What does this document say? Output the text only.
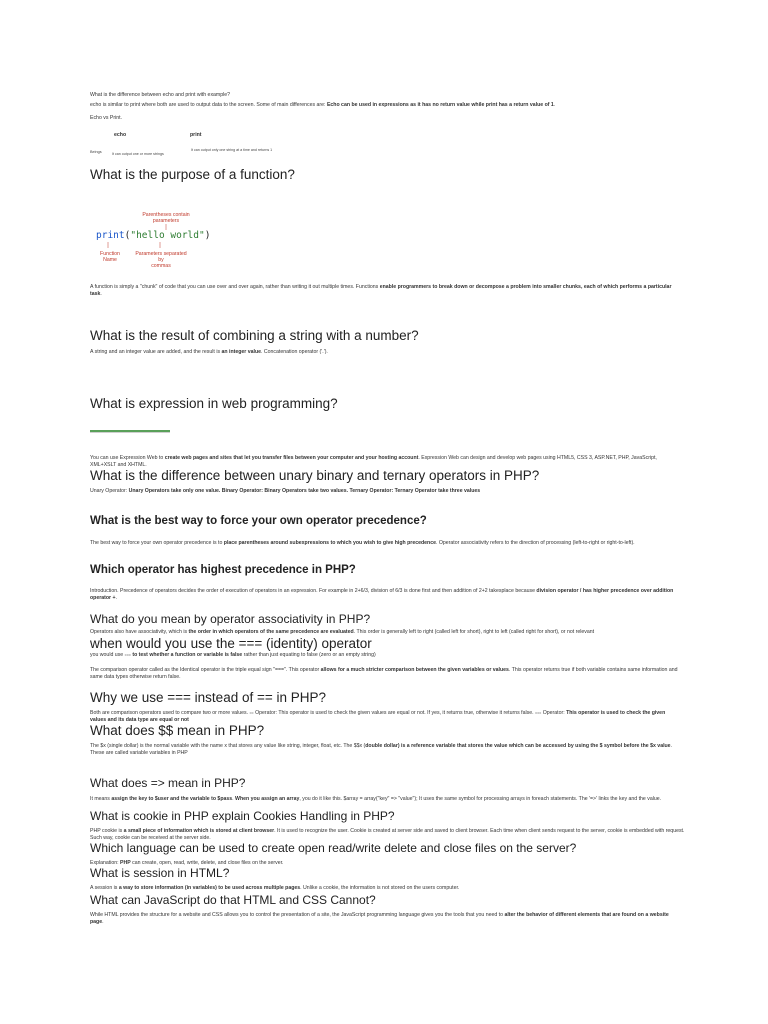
What is the difference between echo and print with example?
echo is similar to print where both are used to output data to the screen. Some of main differences are: Echo can be used in expressions as it has no return value while print has a return value of 1.
Echo vs Print.
echo	print
Beings	It can output one or more strings
It can output only one string at a time and returns 1
What is the purpose of a function?
Parentheses contain
parameters
print("hello world")
Function
Name
Parameters separated by
commas
A function is simply a "chunk" of code that you can use over and over again, rather than writing it out multiple times. Functions enable programmers to break down or decompose a problem into smaller chunks, each of which performs a particular task.
What is the result of combining a string with a number?
A string and an integer value are added, and the result is an integer value. Concatenation operator ('.').
What is expression in web programming?
You can use Expression Web to create web pages and sites that let you transfer files between your computer and your hosting account. Expression Web can design and develop web pages using HTML5, CSS 3, ASP.NET, PHP, JavaScript, XML+XSLT and XHTML.
What is the difference between unary binary and ternary operators in PHP?
Unary Operator: Unary Operators take only one value. Binary Operator: Binary Operators take two values. Ternary Operator: Ternary Operator take three values
What is the best way to force your own operator precedence?
The best way to force your own operator precedence is to place parentheses around subexpressions to which you wish to give high precedence. Operator associativity refers to the direction of processing (left-to-right or right-to-left).
Which operator has highest precedence in PHP?
Introduction. Precedence of operators decides the order of execution of operators in an expression. For example in 2+6/3, division of 6/3 is done first and then addition of 2+2 takesplace because division operator / has higher precedence over addition operator +.
What do you mean by operator associativity in PHP?
Operators also have associativity, which is the order in which operators of the same precedence are evaluated. This order is generally left to right (called left for short), right to left (called right for short), or not relevant
when would you use the === (identity) operator
you would use === to test whether a function or variable is false rather than just equating to false (zero or an empty string)
The comparison operator called as the Identical operator is the triple equal sign "===". This operator allows for a much stricter comparison between the given variables or values. This operator returns true if both variable contains same information and same data types otherwise return false.
Why we use === instead of == in PHP?
Both are comparison operators used to compare two or more values. == Operator: This operator is used to check the given values are equal or not. If yes, it returns true, otherwise it returns false. === Operator: This operator is used to check the given values and its data type are equal or not
What does $$ mean in PHP?
The $x (single dollar) is the normal variable with the name x that stores any value like string, integer, float, etc. The $$x (double dollar) is a reference variable that stores the value which can be accessed by using the $ symbol before the $x value. These are called variable variables in PHP
What does => mean in PHP?
It means assign the key to $user and the variable to $pass. When you assign an array, you do it like this. $array = array("key" => "value"); It uses the same symbol for processing arrays in foreach statements. The '=>' links the key and the value.
What is cookie in PHP explain Cookies Handling in PHP?
PHP cookie is a small piece of information which is stored at client browser. It is used to recognize the user. Cookie is created at server side and saved to client browser. Each time when client sends request to the server, cookie is embedded with request. Such way, cookie can be received at the server side.
Which language can be used to create open read/write delete and close files on the server?
Explanation: PHP can create, open, read, write, delete, and close files on the server.
What is session in HTML?
A session is a way to store information (in variables) to be used across multiple pages. Unlike a cookie, the information is not stored on the users computer.
What can JavaScript do that HTML and CSS Cannot?
While HTML provides the structure for a website and CSS allows you to control the presentation of a site, the JavaScript programming language gives you the tools that you need to alter the behavior of different elements that are found on a website page.
